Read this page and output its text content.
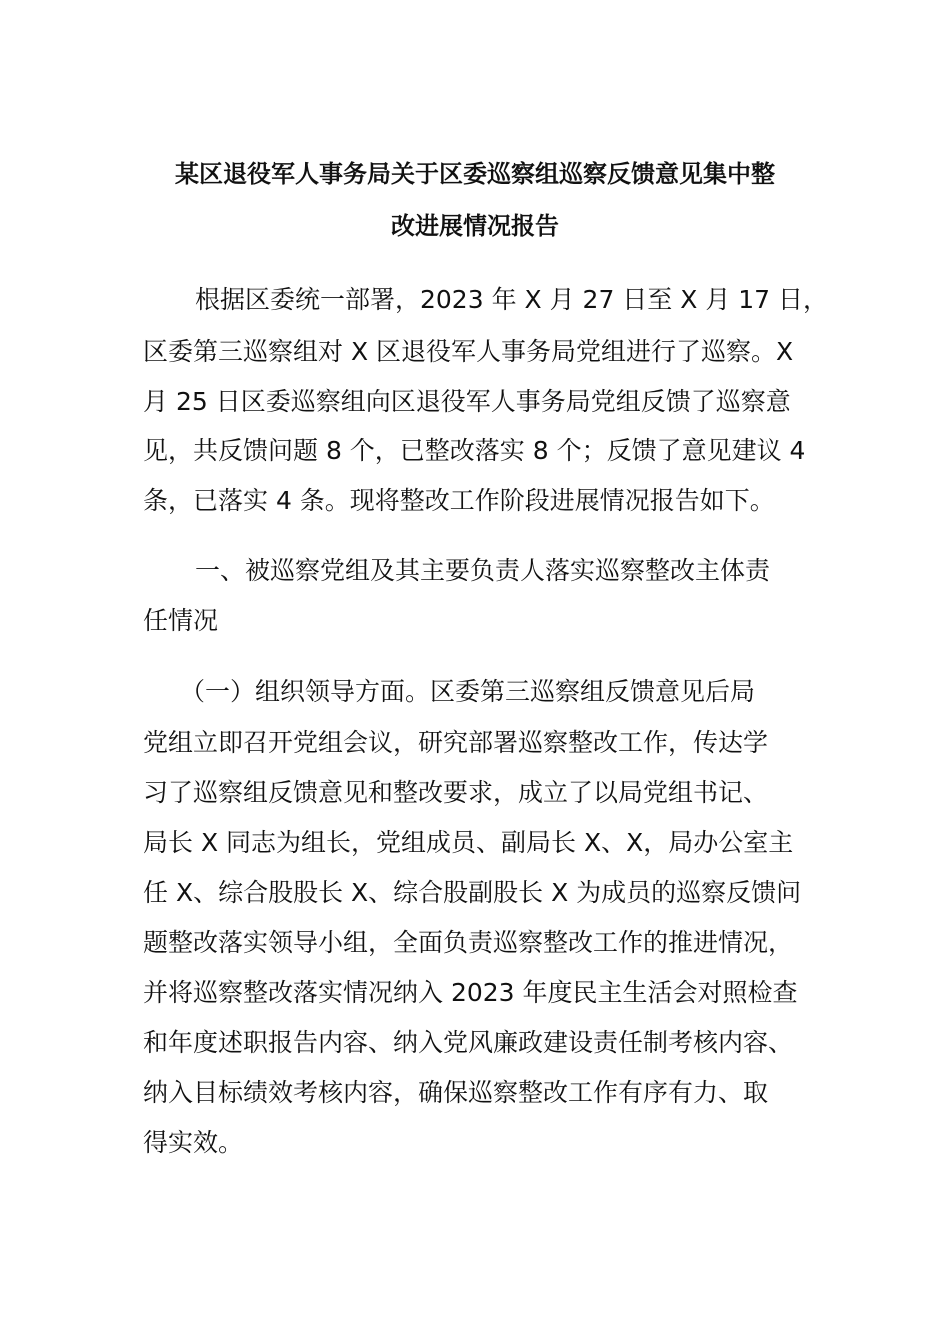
某区退役军人事务局关于区委巡察组巡察反馈意见集中整
改进展情况报告
根据区委统一部署，2023 年 X 月 27 日至 X 月 17 日，
区委第三巡察组对 X 区退役军人事务局党组进行了巡察。X
月 25 日区委巡察组向区退役军人事务局党组反馈了巡察意
见，共反馈问题 8 个，已整改落实 8 个；反馈了意见建议 4
条，已落实 4 条。现将整改工作阶段进展情况报告如下。
一、被巡察党组及其主要负责人落实巡察整改主体责
任情况
（一）组织领导方面。区委第三巡察组反馈意见后局
党组立即召开党组会议，研究部署巡察整改工作，传达学
习了巡察组反馈意见和整改要求，成立了以局党组书记、
局长 X 同志为组长，党组成员、副局长 X、X，局办公室主
任 X、综合股股长 X、综合股副股长 X 为成员的巡察反馈问
题整改落实领导小组，全面负责巡察整改工作的推进情况，
并将巡察整改落实情况纳入 2023 年度民主生活会对照检查
和年度述职报告内容、纳入党风廉政建设责任制考核内容、
纳入目标绩效考核内容，确保巡察整改工作有序有力、取
得实效。
